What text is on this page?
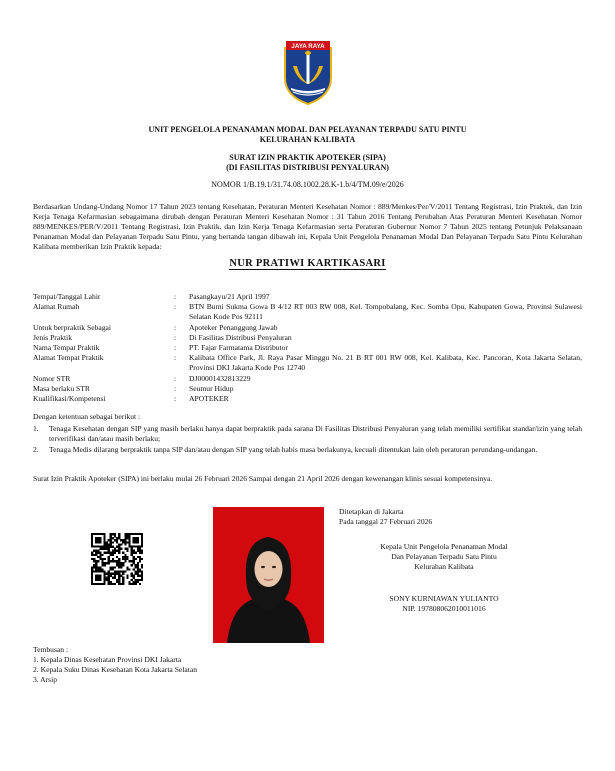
JAYA RAYA
UNIT PENGELOLA PENANAMAN MODAL DAN PELAYANAN TERPADU SATU PINTU
KELURAHAN KALIBATA
SURAT IZIN PRAKTIK APOTEKER (SIPA)
(DI FASILITAS DISTRIBUSI PENYALURAN)
NOMOR 1/B.19.1/31.74.08.1002.28.K-1.b/4/TM.09/e/2026
Berdasarkan Undang-Undang Nomor 17 Tahun 2023 tentang Kesehatan, Peraturan Menteri Kesehatan Nomor : 889/Menkes/Per/V/2011 Tentang Registrasi, Izin Praktek, dan Izin Kerja Tenaga Kefarmasian sebagaimana dirubah dengan Peraturan Menteri Kesehatan Nomor : 31 Tahun 2016 Tentang Perubahan Atas Peraturan Menteri Kesehatan Nomor 889/MENKES/PER/V/2011 Tentang Registrasi, Izin Praktik, dan Izin Kerja Tenaga Kefarmasian serta Peraturan Gubernur Nomor 7 Tahun 2025 tentang Petunjuk Pelaksanaan Penanaman Modal dan Pelayanan Terpadu Satu Pintu, yang bertanda tangan dibawah ini, Kepala Unit Pengelola Penanaman Modal Dan Pelayanan Terpadu Satu Pintu Kelurahan Kalibata memberikan Izin Praktik kepada:
NUR PRATIWI KARTIKASARI
Tempat/Tanggal Lahir	: Pasangkayu/21 April 1997
Alamat Rumah	: BTN Bumi Sukma Gowa B 4/12 RT 003 RW 008, Kel. Tompobalang, Kec. Somba Opu, Kabupaten Gowa, Provinsi Sulawesi Selatan Kode Pos 92111
Untuk berpraktik Sebagai	: Apoteker Penanggung Jawab
Jenis Praktik	: Di Fasilitas Distribusi Penyaluran
Nama Tempat Praktik	: PT. Fajar Farmatama Distributor
Alamat Tempat Praktik	: Kalibata Office Park, Jl. Raya Pasar Minggu No. 21 B RT 001 RW 008, Kel. Kalibata, Kec. Pancoran, Kota Jakarta Selatan, Provinsi DKI Jakarta Kode Pos 12740
Nomor STR	: DJ00001432813229
Masa berlaku STR	: Seumur Hidup
Kualifikasi/Kompetensi	: APOTEKER
Dengan ketentuan sebagai berikut :
1. Tenaga Kesehatan dengan SIP yang masih berlaku hanya dapat berpraktik pada sarana Di Fasilitas Distribusi Penyaluran yang telah memiliki sertifikat standar/izin yang telah terverifikasi dan/atau masih berlaku;
2. Tenaga Medis dilarang berpraktik tanpa SIP dan/atau dengan SIP yang telah habis masa berlakunya, kecuali ditentukan lain oleh peraturan perundang-undangan.
Surat Izin Praktik Apoteker (SIPA) ini berlaku mulai 26 Februari 2026 Sampai dengan 21 April 2026 dengan kewenangan klinis sesuai kompetensinya.
Ditetapkan di Jakarta
Pada tanggal 27 Februari 2026
Kepala Unit Pengelola Penanaman Modal
Dan Pelayanan Terpadu Satu Pintu
Kelurahan Kalibata
SONY KURNIAWAN YULIANTO
NIP. 197808062010011016
Tembusan :
1. Kepala Dinas Kesehatan Provinsi DKI Jakarta
2. Kepala Suku Dinas Kesehatan Kota Jakarta Selatan
3. Arsip
